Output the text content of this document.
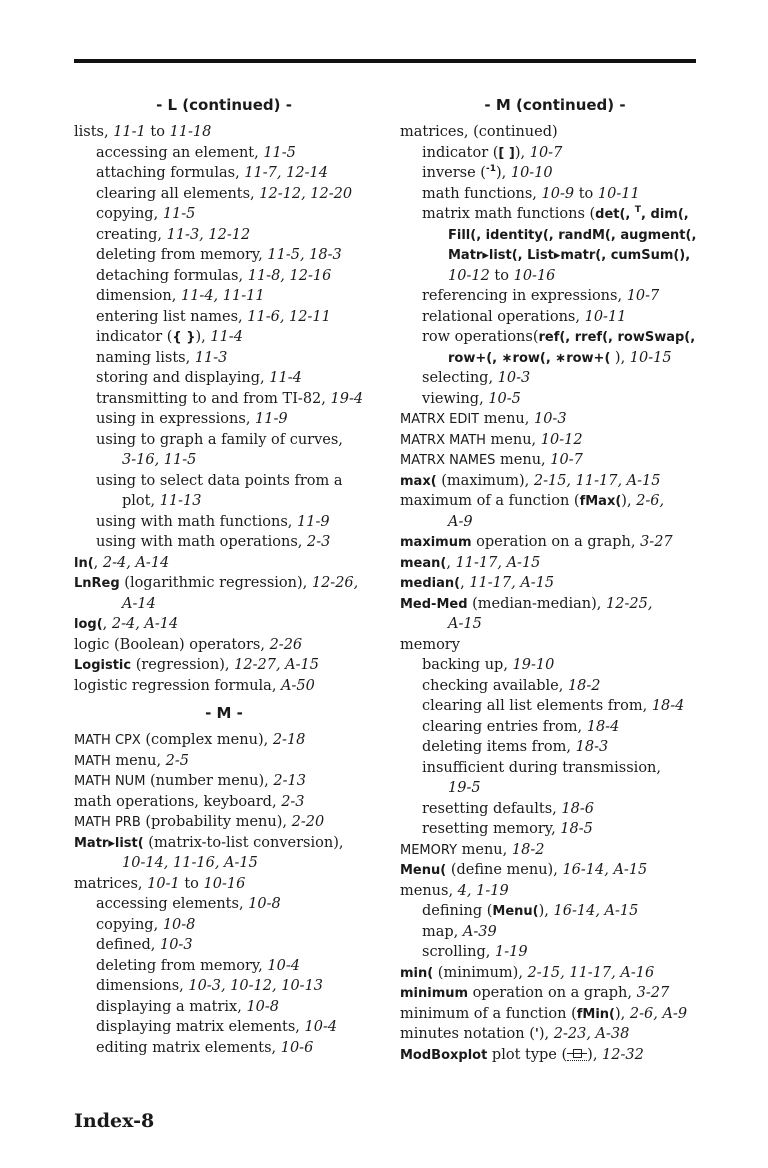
- L (continued) -
lists, 11-1 to 11-18
accessing an element, 11-5
attaching formulas, 11-7, 12-14
clearing all elements, 12-12, 12-20
copying, 11-5
creating, 11-3, 12-12
deleting from memory, 11-5, 18-3
detaching formulas, 11-8, 12-16
dimension, 11-4, 11-11
entering list names, 11-6, 12-11
indicator ({ }), 11-4
naming lists, 11-3
storing and displaying, 11-4
transmitting to and from TI-82, 19-4
using in expressions, 11-9
using to graph a family of curves,
3-16, 11-5
using to select data points from a
plot, 11-13
using with math functions, 11-9
using with math operations, 2-3
ln(, 2-4, A-14
LnReg (logarithmic regression), 12-26,
A-14
log(, 2-4, A-14
logic (Boolean) operators, 2-26
Logistic (regression), 12-27, A-15
logistic regression formula, A-50
- M -
MATH CPX (complex menu), 2-18
MATH menu, 2-5
MATH NUM (number menu), 2-13
math operations, keyboard, 2-3
MATH PRB (probability menu), 2-20
Matr▸list( (matrix-to-list conversion),
10-14, 11-16, A-15
matrices, 10-1 to 10-16
accessing elements, 10-8
copying, 10-8
defined, 10-3
deleting from memory, 10-4
dimensions, 10-3, 10-12, 10-13
displaying a matrix, 10-8
displaying matrix elements, 10-4
editing matrix elements, 10-6
- M (continued) -
matrices, (continued)
indicator ([ ]), 10-7
inverse ($^{-1}$), 10-10
math functions, 10-9 to 10-11
matrix math functions (det(, $^T$, dim(,
Fill(, identity(, randM(, augment(,
Matr▸list(, List▸matr(, cumSum(),
10-12 to 10-16
referencing in expressions, 10-7
relational operations, 10-11
row operations(ref(, rref(, rowSwap(,
row+(, ∗row(, ∗row+( ), 10-15
selecting, 10-3
viewing, 10-5
MATRX EDIT menu, 10-3
MATRX MATH menu, 10-12
MATRX NAMES menu, 10-7
max( (maximum), 2-15, 11-17, A-15
maximum of a function (fMax(), 2-6,
A-9
maximum operation on a graph, 3-27
mean(, 11-17, A-15
median(, 11-17, A-15
Med-Med (median-median), 12-25,
A-15
memory
backing up, 19-10
checking available, 18-2
clearing all list elements from, 18-4
clearing entries from, 18-4
deleting items from, 18-3
insufficient during transmission,
19-5
resetting defaults, 18-6
resetting memory, 18-5
MEMORY menu, 18-2
Menu( (define menu), 16-14, A-15
menus, 4, 1-19
defining (Menu(), 16-14, A-15
map, A-39
scrolling, 1-19
min( (minimum), 2-15, 11-17, A-16
minimum operation on a graph, 3-27
minimum of a function (fMin(), 2-6, A-9
minutes notation ('), 2-23, A-38
ModBoxplot plot type ( ), 12-32
Index-8
